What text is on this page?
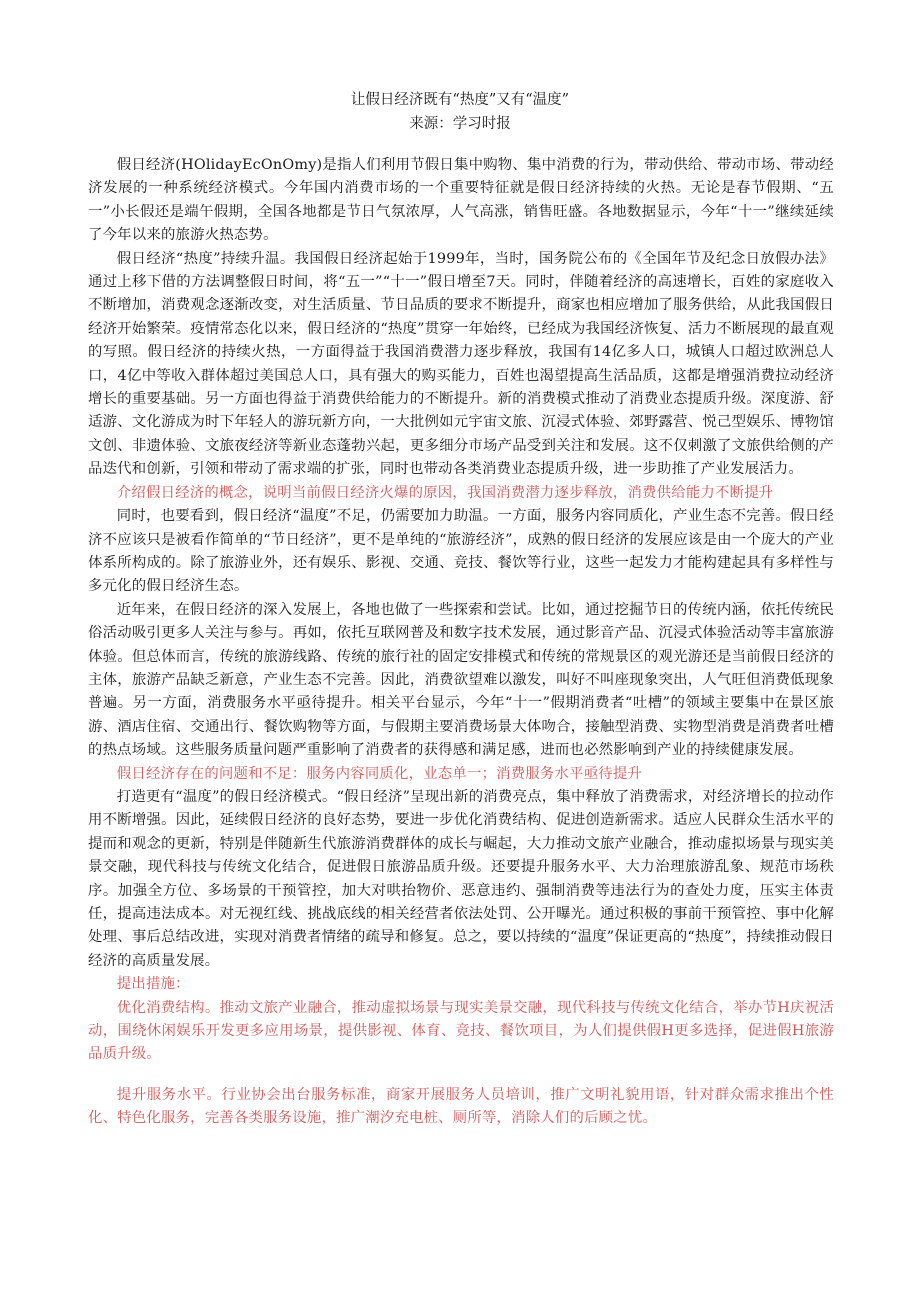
让假日经济既有“热度”又有“温度”
来源：学习时报

假日经济(HOlidayEcOnOmy)是指人们利用节假日集中购物、集中消费的行为，带动供给、带动市场、带动经济发展的一种系统经济模式。今年国内消费市场的一个重要特征就是假日经济持续的火热。无论是春节假期、“五一”小长假还是端午假期，全国各地都是节日气氛浓厚，人气高涨，销售旺盛。各地数据显示，今年“十一”继续延续了今年以来的旅游火热态势。

假日经济“热度”持续升温。我国假日经济起始于1999年，当时，国务院公布的《全国年节及纪念日放假办法》通过上移下借的方法调整假日时间，将“五一”“十一”假日增至7天。同时，伴随着经济的高速增长，百姓的家庭收入不断增加，消费观念逐渐改变，对生活质量、节日品质的要求不断提升，商家也相应增加了服务供给，从此我国假日经济开始繁荣。疫情常态化以来，假日经济的“热度”贯穿一年始终，已经成为我国经济恢复、活力不断展现的最直观的写照。假日经济的持续火热，一方面得益于我国消费潜力逐步释放，我国有14亿多人口，城镇人口超过欧洲总人口，4亿中等收入群体超过美国总人口，具有强大的购买能力，百姓也渴望提高生活品质，这都是增强消费拉动经济增长的重要基础。另一方面也得益于消费供给能力的不断提升。新的消费模式推动了消费业态提质升级。深度游、舒适游、文化游成为时下年轻人的游玩新方向，一大批例如元宇宙文旅、沉浸式体验、郊野露营、悦己型娱乐、博物馆文创、非遗体验、文旅夜经济等新业态蓬勃兴起，更多细分市场产品受到关注和发展。这不仅刺激了文旅供给侧的产品迭代和创新，引领和带动了需求端的扩张，同时也带动各类消费业态提质升级，进一步助推了产业发展活力。

介绍假日经济的概念，说明当前假日经济火爆的原因，我国消费潜力逐步释放，消费供给能力不断提升

同时，也要看到，假日经济“温度”不足，仍需要加力助温。一方面，服务内容同质化，产业生态不完善。假日经济不应该只是被看作简单的“节日经济”，更不是单纯的“旅游经济”，成熟的假日经济的发展应该是由一个庞大的产业体系所构成的。除了旅游业外，还有娱乐、影视、交通、竞技、餐饮等行业，这些一起发力才能构建起具有多样性与多元化的假日经济生态。

近年来，在假日经济的深入发展上，各地也做了一些探索和尝试。比如，通过挖掘节日的传统内涵，依托传统民俗活动吸引更多人关注与参与。再如，依托互联网普及和数字技术发展，通过影音产品、沉浸式体验活动等丰富旅游体验。但总体而言，传统的旅游线路、传统的旅行社的固定安排模式和传统的常规景区的观光游还是当前假日经济的主体，旅游产品缺乏新意，产业生态不完善。因此，消费欲望难以激发，叫好不叫座现象突出，人气旺但消费低现象普遍。另一方面，消费服务水平亟待提升。相关平台显示，今年“十一”假期消费者“吐槽”的领域主要集中在景区旅游、酒店住宿、交通出行、餐饮购物等方面，与假期主要消费场景大体吻合，接触型消费、实物型消费是消费者吐槽的热点场域。这些服务质量问题严重影响了消费者的获得感和满足感，进而也必然影响到产业的持续健康发展。

假日经济存在的问题和不足：服务内容同质化，业态单一；消费服务水平亟待提升

打造更有“温度”的假日经济模式。“假日经济”呈现出新的消费亮点，集中释放了消费需求，对经济增长的拉动作用不断增强。因此，延续假日经济的良好态势，要进一步优化消费结构、促进创造新需求。适应人民群众生活水平的提而和观念的更新，特别是伴随新生代旅游消费群体的成长与崛起，大力推动文旅产业融合，推动虚拟场景与现实美景交融，现代科技与传统文化结合，促进假日旅游品质升级。还要提升服务水平、大力治理旅游乱象、规范市场秩序。加强全方位、多场景的干预管控，加大对哄抬物价、恶意违约、强制消费等违法行为的查处力度，压实主体责任，提高违法成本。对无视红线、挑战底线的相关经营者依法处罚、公开曝光。通过积极的事前干预管控、事中化解处理、事后总结改进，实现对消费者情绪的疏导和修复。总之，要以持续的“温度”保证更高的“热度”，持续推动假日经济的高质量发展。

提出措施：

优化消费结构。推动文旅产业融合，推动虚拟场景与现实美景交融，现代科技与传统文化结合，举办节H庆祝活动，围绕休闲娱乐开发更多应用场景，提供影视、体育、竞技、餐饮项目，为人们提供假H更多选择，促进假H旅游品质升级。

提升服务水平。行业协会出台服务标准，商家开展服务人员培训，推广文明礼貌用语，针对群众需求推出个性化、特色化服务，完善各类服务设施，推广潮汐充电桩、厕所等，消除人们的后顾之忧。
